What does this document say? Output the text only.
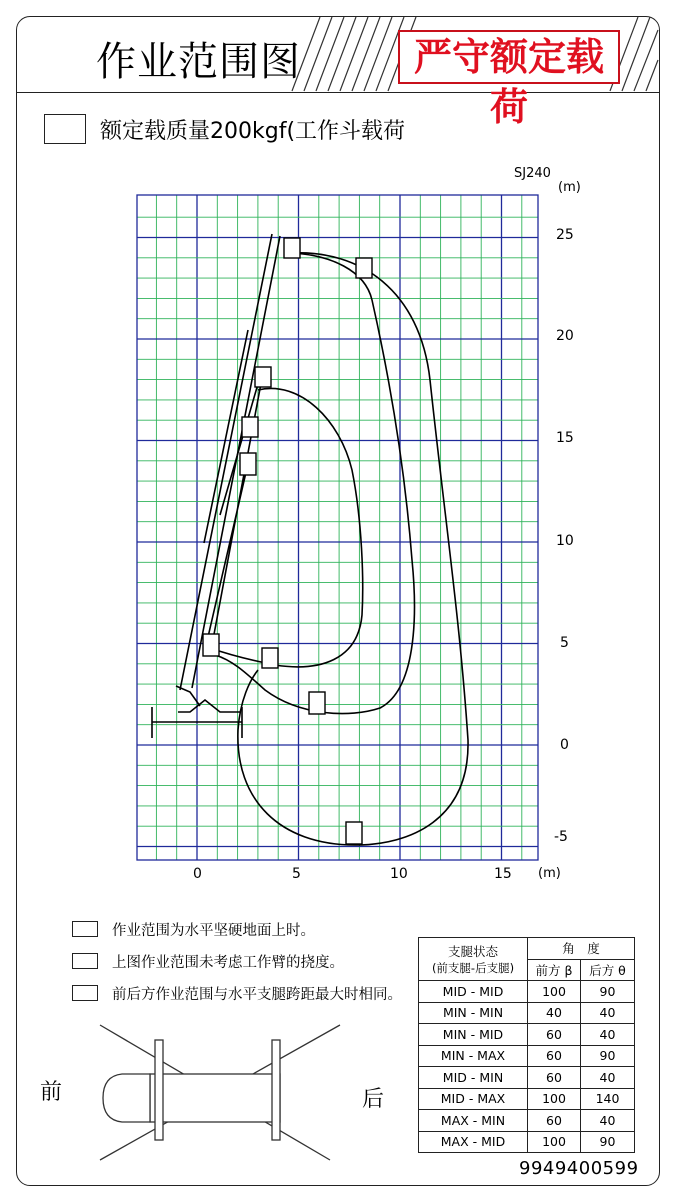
作业范围图	严守额定载荷
额定载质量200kgf(工作斗载荷
SJ240
(m)
(m)
0	5	10	15
25
20
15
10
5
0
-5
作业范围为水平坚硬地面上时。
上图作业范围未考虑工作臂的挠度。
前后方作业范围与水平支腿跨距最大时相同。
前	后
支腿状态
(前支腿-后支腿)	角　度	
	前方 β	后方 θ
MID - MID	100	90
MIN - MIN	40	40
MIN - MID	60	40
MIN - MAX	60	90
MID - MIN	60	40
MID - MAX	100	140
MAX - MIN	60	40
MAX - MID	100	90
9949400599
